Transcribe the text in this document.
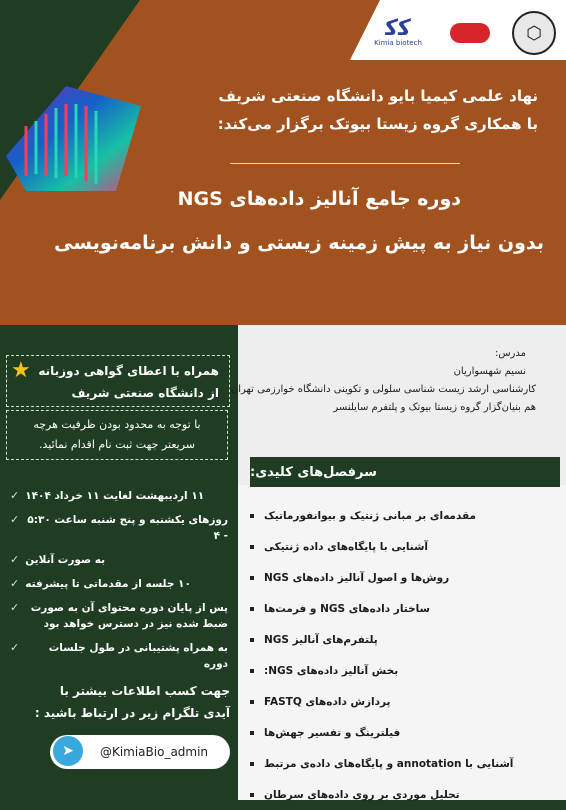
ﮐﮐ
Kimia biotech	⬡
نهاد علمی کیمیا بایو دانشگاه صنعتی شریف
با همکاری گروه زیستا بیوتک برگزار می‌کند:
دوره جامع آنالیز داده‌های NGS
بدون نیاز به پیش زمینه زیستی و دانش برنامه‌نویسی
مدرس:
نسیم شهسواریان
کارشناسی ارشد زیست شناسی سلولی و تکوینی دانشگاه خوارزمی تهران
هم بنیان‌گزار گروه زیستا بیوتک و پلتفرم سایلنسر
★ همراه با اعطای گواهی دوزبانه
از دانشگاه صنعتی شریف
با توجه به محدود بودن ظرفیت هرچه
سریعتر جهت ثبت نام اقدام نمائید.
✓ ۱۱ اردیبهشت لغایت ۱۱ خرداد ۱۴۰۴
✓ روزهای یکشنبه و پنج شنبه ساعت ۵:۳۰ - ۴
✓ به صورت آنلاین
✓ ۱۰ جلسه از مقدماتی تا پیشرفته
✓	پس از پایان دوره محتوای آن به صورت ضبط شده نیز در دسترس خواهد بود
✓	به همراه پشتیبانی در طول جلسات دوره
جهت کسب اطلاعات بیشتر با
آیدی تلگرام زیر در ارتباط باشید :
@KimiaBio_admin
➤
سرفصل‌های کلیدی:
مقدمه‌ای بر مبانی ژنتیک و بیوانفورماتیک
آشنایی با پایگاه‌های داده ژنتیکی
روش‌ها و اصول آنالیز داده‌های NGS
ساختار داده‌های NGS و فرمت‌ها
پلتفرم‌های آنالیز NGS
بخش آنالیز داده‌های NGS:
پردازش داده‌های FASTQ
فیلترینگ و تفسیر جهش‌ها
آشنایی با annotation و پایگاه‌های داده‌ی مرتبط
تحلیل موردی بر روی داده‌های سرطان
